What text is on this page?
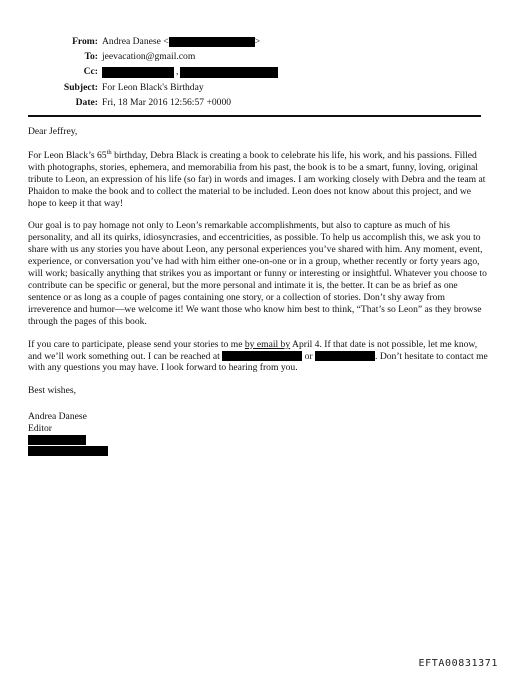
From: Andrea Danese <	>
To: jeevacation@gmail.com
Cc:	,
Subject: For Leon Black's Birthday
Date: Fri, 18 Mar 2016 12:56:57 +0000

Dear Jeffrey,

For Leon Black’s 65th birthday, Debra Black is creating a book to celebrate his life, his work, and his passions. Filled with photographs, stories, ephemera, and memorabilia from his past, the book is to be a smart, funny, loving, original tribute to Leon, an expression of his life (so far) in words and images. I am working closely with Debra and the team at Phaidon to make the book and to collect the material to be included. Leon does not know about this project, and we hope to keep it that way!

Our goal is to pay homage not only to Leon’s remarkable accomplishments, but also to capture as much of his personality, and all its quirks, idiosyncrasies, and eccentricities, as possible. To help us accomplish this, we ask you to share with us any stories you have about Leon, any personal experiences you’ve shared with him. Any moment, event, experience, or conversation you’ve had with him either one-on-one or in a group, whether recently or forty years ago, will work; basically anything that strikes you as important or funny or interesting or insightful. Whatever you choose to contribute can be specific or general, but the more personal and intimate it is, the better. It can be as brief as one sentence or as long as a couple of pages containing one story, or a collection of stories. Don’t shy away from irreverence and humor—we welcome it! We want those who know him best to think, “That’s so Leon” as they browse through the pages of this book.

If you care to participate, please send your stories to me by email by April 4. If that date is not possible, let me know, and we’ll work something out. I can be reached at	or	. Don’t hesitate to contact me with any questions you may have. I look forward to hearing from you.

Best wishes,

Andrea Danese
Editor
EFTA00831371
